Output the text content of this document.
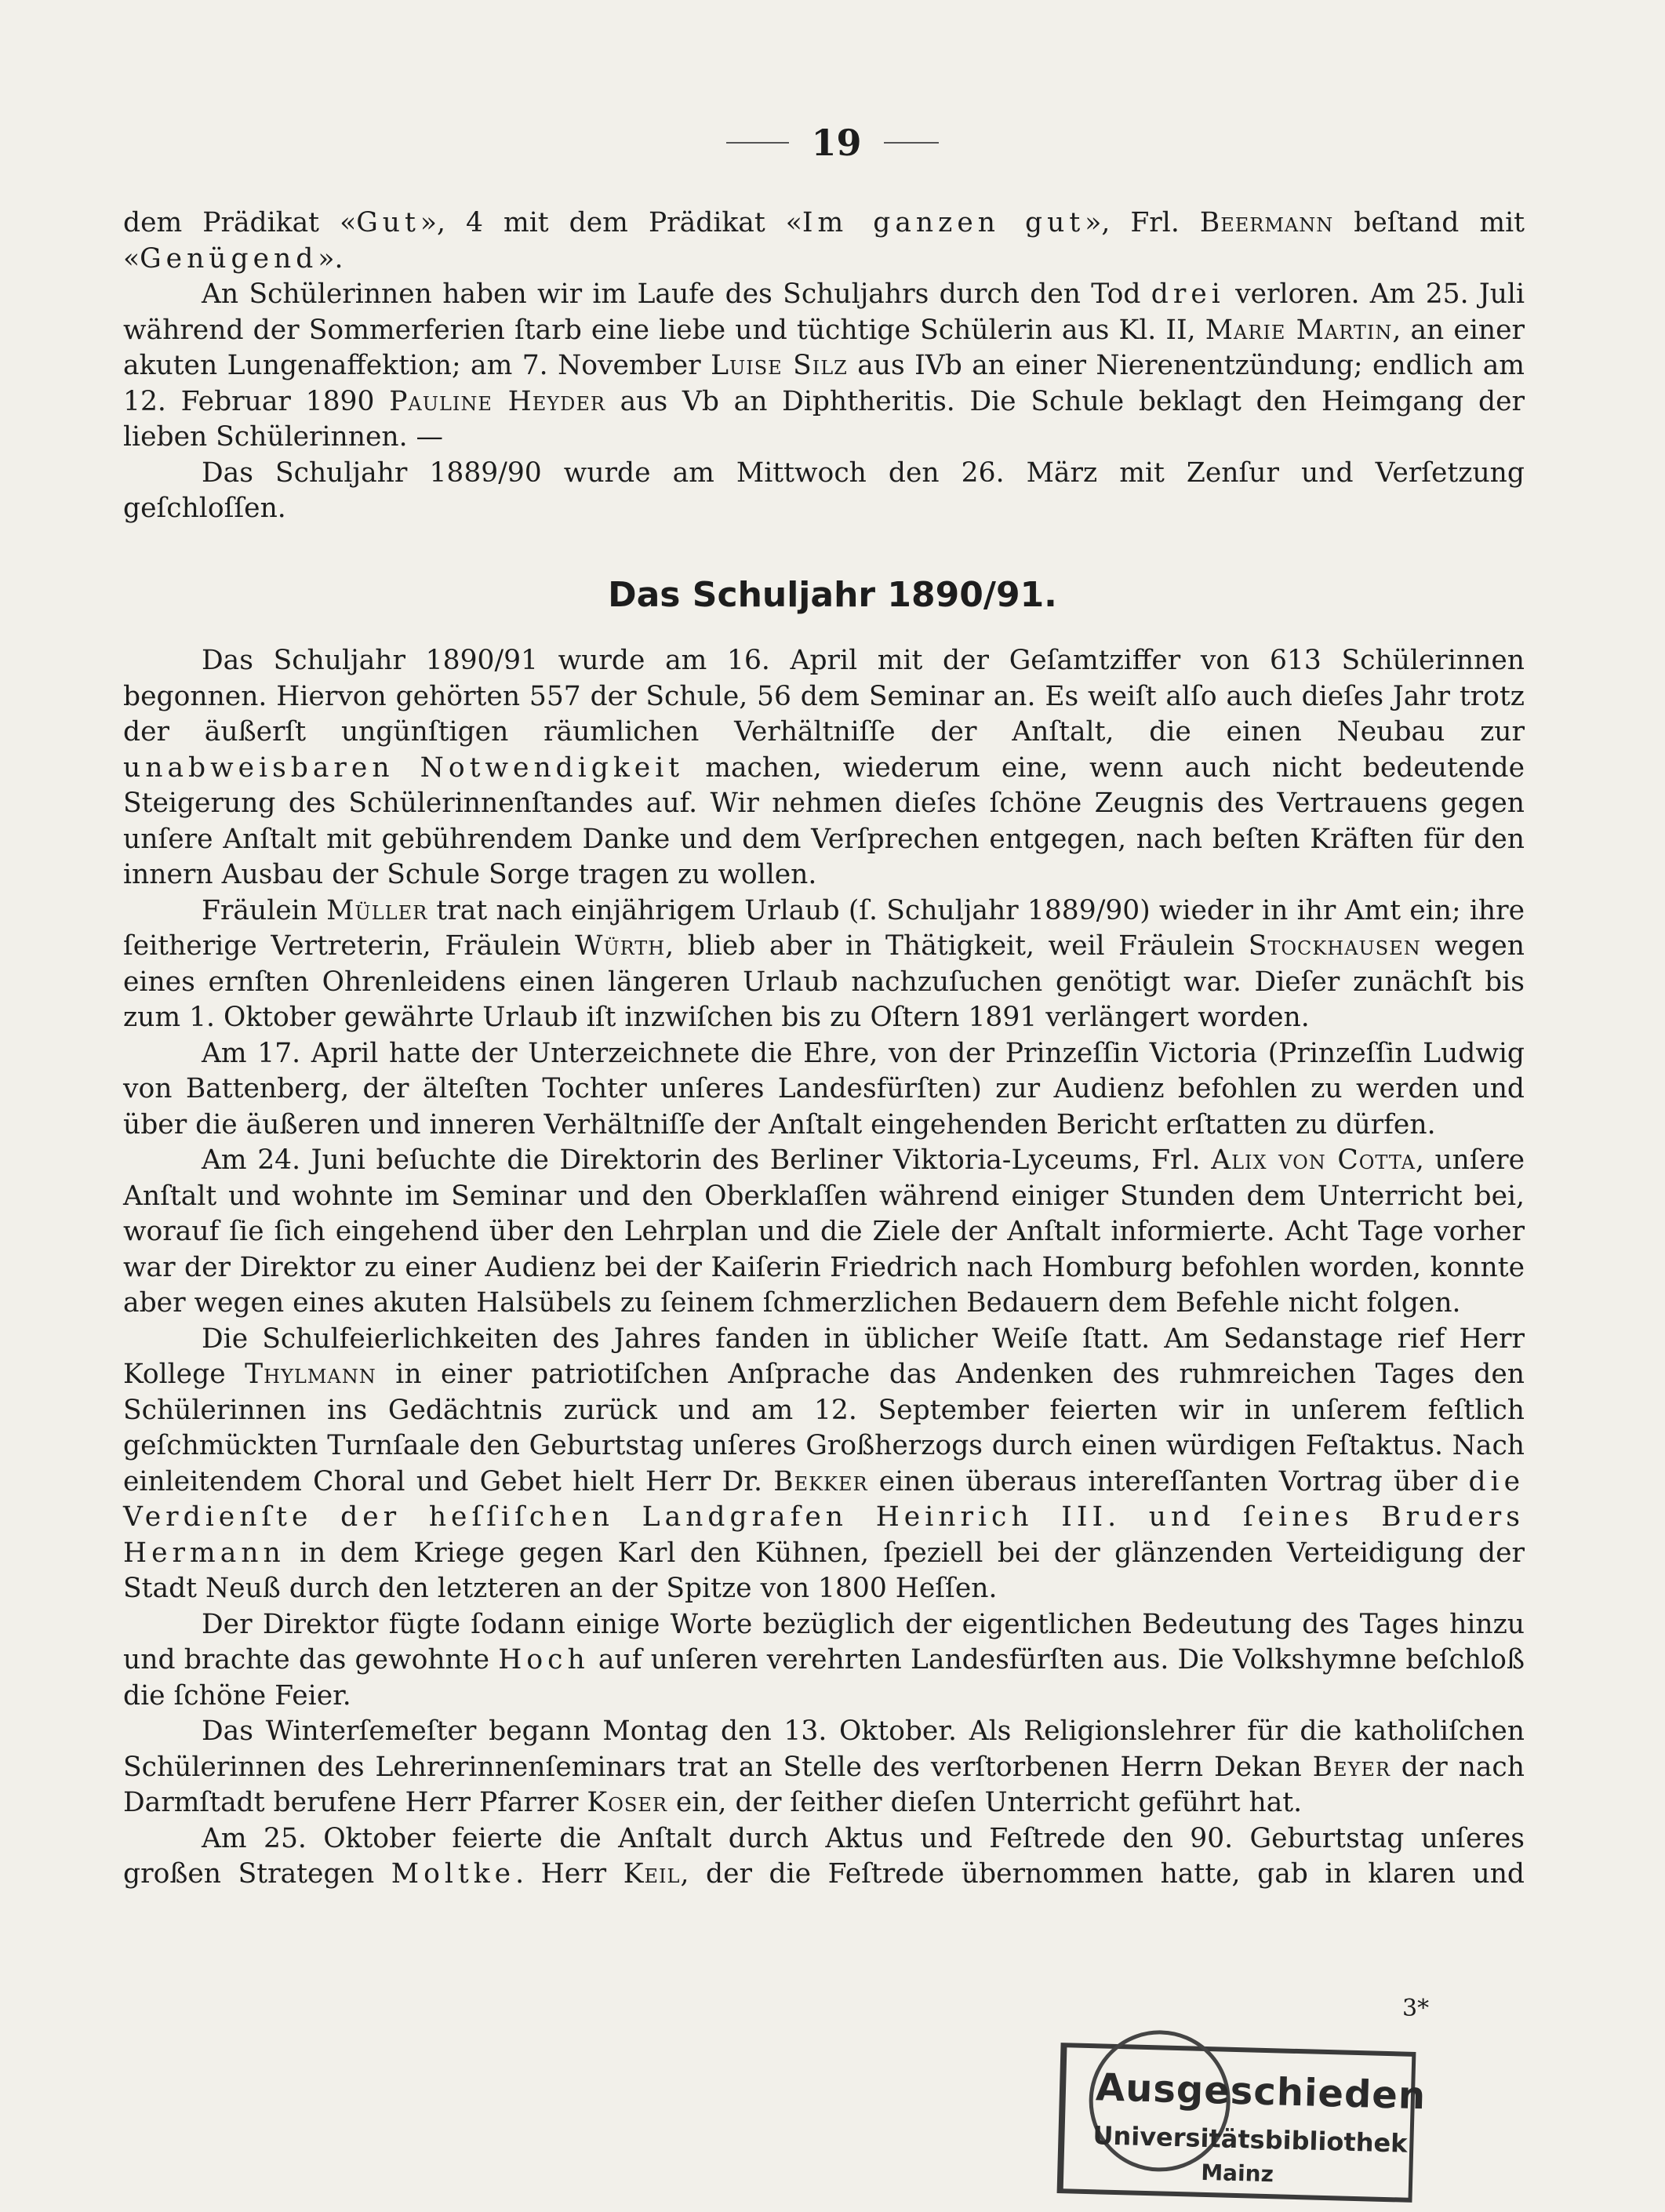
19

dem Prädikat «Gut», 4 mit dem Prädikat «Im ganzen gut», Frl. Beermann beſtand mit «Genügend».

An Schülerinnen haben wir im Laufe des Schuljahrs durch den Tod drei verloren. Am 25. Juli während der Sommerferien ſtarb eine liebe und tüchtige Schülerin aus Kl. II, Marie Martin, an einer akuten Lungenaffektion; am 7. November Luise Silz aus IVb an einer Nierenentzündung; endlich am 12. Februar 1890 Pauline Heyder aus Vb an Diphtheritis. Die Schule beklagt den Heimgang der lieben Schülerinnen. —

Das Schuljahr 1889/90 wurde am Mittwoch den 26. März mit Zenſur und Verſetzung geſchloſſen.

Das Schuljahr 1890/91.

Das Schuljahr 1890/91 wurde am 16. April mit der Geſamtziffer von 613 Schülerinnen begonnen. Hiervon gehörten 557 der Schule, 56 dem Seminar an. Es weiſt alſo auch dieſes Jahr trotz der äußerſt ungünſtigen räumlichen Verhältniſſe der Anſtalt, die einen Neubau zur unabweisbaren Notwendigkeit machen, wiederum eine, wenn auch nicht bedeutende Steigerung des Schülerinnenſtandes auf. Wir nehmen dieſes ſchöne Zeugnis des Vertrauens gegen unſere Anſtalt mit gebührendem Danke und dem Verſprechen entgegen, nach beſten Kräften für den innern Ausbau der Schule Sorge tragen zu wollen.

Fräulein Müller trat nach einjährigem Urlaub (ſ. Schuljahr 1889/90) wieder in ihr Amt ein; ihre ſeitherige Vertreterin, Fräulein Würth, blieb aber in Thätigkeit, weil Fräulein Stockhausen wegen eines ernſten Ohrenleidens einen längeren Urlaub nachzuſuchen genötigt war. Dieſer zunächſt bis zum 1. Oktober gewährte Urlaub iſt inzwiſchen bis zu Oſtern 1891 verlängert worden.

Am 17. April hatte der Unterzeichnete die Ehre, von der Prinzeſſin Victoria (Prinzeſſin Ludwig von Battenberg, der älteſten Tochter unſeres Landesfürſten) zur Audienz befohlen zu werden und über die äußeren und inneren Verhältniſſe der Anſtalt eingehenden Bericht erſtatten zu dürfen.

Am 24. Juni beſuchte die Direktorin des Berliner Viktoria-Lyceums, Frl. Alix von Cotta, unſere Anſtalt und wohnte im Seminar und den Oberklaſſen während einiger Stunden dem Unterricht bei, worauf ſie ſich eingehend über den Lehrplan und die Ziele der Anſtalt informierte. Acht Tage vorher war der Direktor zu einer Audienz bei der Kaiſerin Friedrich nach Homburg befohlen worden, konnte aber wegen eines akuten Halsübels zu ſeinem ſchmerzlichen Bedauern dem Befehle nicht folgen.

Die Schulfeierlichkeiten des Jahres fanden in üblicher Weiſe ſtatt. Am Sedanstage rief Herr Kollege Thylmann in einer patriotiſchen Anſprache das Andenken des ruhmreichen Tages den Schülerinnen ins Gedächtnis zurück und am 12. September feierten wir in unſerem feſtlich geſchmückten Turnſaale den Geburtstag unſeres Großherzogs durch einen würdigen Feſtaktus. Nach einleitendem Choral und Gebet hielt Herr Dr. Bekker einen überaus intereſſanten Vortrag über die Verdienſte der heſſiſchen Landgrafen Heinrich III. und ſeines Bruders Hermann in dem Kriege gegen Karl den Kühnen, ſpeziell bei der glänzenden Verteidigung der Stadt Neuß durch den letzteren an der Spitze von 1800 Heſſen.

Der Direktor fügte ſodann einige Worte bezüglich der eigentlichen Bedeutung des Tages hinzu und brachte das gewohnte Hoch auf unſeren verehrten Landesfürſten aus. Die Volkshymne beſchloß die ſchöne Feier.

Das Winterſemeſter begann Montag den 13. Oktober. Als Religionslehrer für die katholiſchen Schülerinnen des Lehrerinnenſeminars trat an Stelle des verſtorbenen Herrn Dekan Beyer der nach Darmſtadt berufene Herr Pfarrer Koser ein, der ſeither dieſen Unterricht geführt hat.

Am 25. Oktober feierte die Anſtalt durch Aktus und Feſtrede den 90. Geburtstag unſeres großen Strategen Moltke. Herr Keil, der die Feſtrede übernommen hatte, gab in klaren und

3*
Ausgeschieden
Universitätsbibliothek
Mainz
